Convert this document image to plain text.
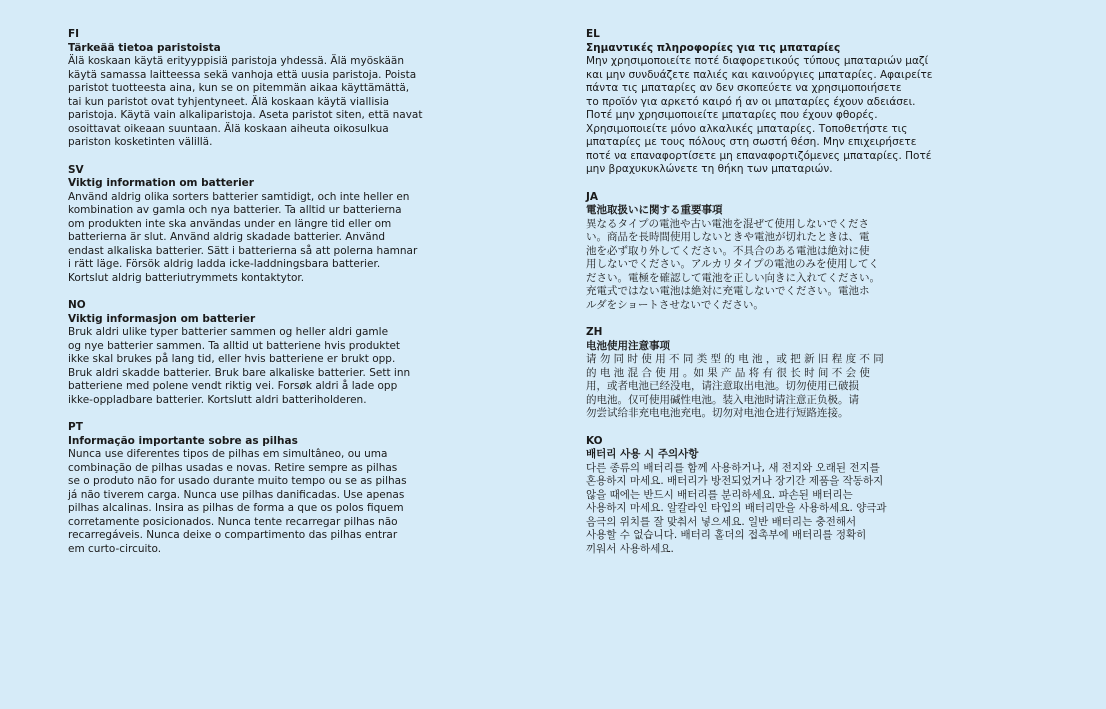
FI
Tärkeää tietoa paristoista
Älä koskaan käytä erityyppisiä paristoja yhdessä. Älä myöskään
käytä samassa laitteessa sekä vanhoja että uusia paristoja. Poista
paristot tuotteesta aina, kun se on pitemmän aikaa käyttämättä,
tai kun paristot ovat tyhjentyneet. Älä koskaan käytä viallisia
paristoja. Käytä vain alkaliparistoja. Aseta paristot siten, että navat
osoittavat oikeaan suuntaan. Älä koskaan aiheuta oikosulkua
pariston kosketinten välillä.
SV
Viktig information om batterier
Använd aldrig olika sorters batterier samtidigt, och inte heller en
kombination av gamla och nya batterier. Ta alltid ur batterierna
om produkten inte ska användas under en längre tid eller om
batterierna är slut. Använd aldrig skadade batterier. Använd
endast alkaliska batterier. Sätt i batterierna så att polerna hamnar
i rätt läge. Försök aldrig ladda icke-laddningsbara batterier.
Kortslut aldrig batteriutrymmets kontaktytor.
NO
Viktig informasjon om batterier
Bruk aldri ulike typer batterier sammen og heller aldri gamle
og nye batterier sammen. Ta alltid ut batteriene hvis produktet
ikke skal brukes på lang tid, eller hvis batteriene er brukt opp.
Bruk aldri skadde batterier. Bruk bare alkaliske batterier. Sett inn
batteriene med polene vendt riktig vei. Forsøk aldri å lade opp
ikke-oppladbare batterier. Kortslutt aldri batteriholderen.
PT
Informação importante sobre as pilhas
Nunca use diferentes tipos de pilhas em simultâneo, ou uma
combinação de pilhas usadas e novas. Retire sempre as pilhas
se o produto não for usado durante muito tempo ou se as pilhas
já não tiverem carga. Nunca use pilhas danificadas. Use apenas
pilhas alcalinas. Insira as pilhas de forma a que os polos fiquem
corretamente posicionados. Nunca tente recarregar pilhas não
recarregáveis. Nunca deixe o compartimento das pilhas entrar
em curto-circuito.
EL
Σημαντικές πληροφορίες για τις μπαταρίες
Μην χρησιμοποιείτε ποτέ διαφορετικούς τύπους μπαταριών μαζί
και μην συνδυάζετε παλιές και καινούργιες μπαταρίες. Αφαιρείτε
πάντα τις μπαταρίες αν δεν σκοπεύετε να χρησιμοποιήσετε
το προϊόν για αρκετό καιρό ή αν οι μπαταρίες έχουν αδειάσει.
Ποτέ μην χρησιμοποιείτε μπαταρίες που έχουν φθορές.
Χρησιμοποιείτε μόνο αλκαλικές μπαταρίες. Τοποθετήστε τις
μπαταρίες με τους πόλους στη σωστή θέση. Μην επιχειρήσετε
ποτέ να επαναφορτίσετε μη επαναφορτιζόμενες μπαταρίες. Ποτέ
μην βραχυκυκλώνετε τη θήκη των μπαταριών.
JA
電池取扱いに関する重要事項
異なるタイプの電池や古い電池を混ぜて使用しないでくださ
い。商品を長時間使用しないときや電池が切れたときは、電
池を必ず取り外してください。不具合のある電池は絶対に使
用しないでください。アルカリタイプの電池のみを使用してく
ださい。電極を確認して電池を正しい向きに入れてください。
充電式ではない電池は絶対に充電しないでください。電池ホ
ルダをショートさせないでください。
ZH
电池使用注意事项
请 勿 同 时 使 用 不 同 类 型 的 电 池 ，或 把 新 旧 程 度 不 同
的 电 池 混 合 使 用 。如 果 产 品 将 有 很 长 时 间 不 会 使
用，或者电池已经没电，请注意取出电池。切勿使用已破损
的电池。仅可使用碱性电池。装入电池时请注意正负极。请
勿尝试给非充电电池充电。切勿对电池仓进行短路连接。
KO
배터리 사용 시 주의사항
다른 종류의 배터리를 함께 사용하거나, 새 전지와 오래된 전지를
혼용하지 마세요. 배터리가 방전되었거나 장기간 제품을 작동하지
않을 때에는 반드시 배터리를 분리하세요. 파손된 배터리는
사용하지 마세요. 알칼라인 타입의 배터리만을 사용하세요. 양극과
음극의 위치를 잘 맞춰서 넣으세요. 일반 배터리는 충전해서
사용할 수 없습니다. 배터리 홀더의 접촉부에 배터리를 정확히
끼워서 사용하세요.
